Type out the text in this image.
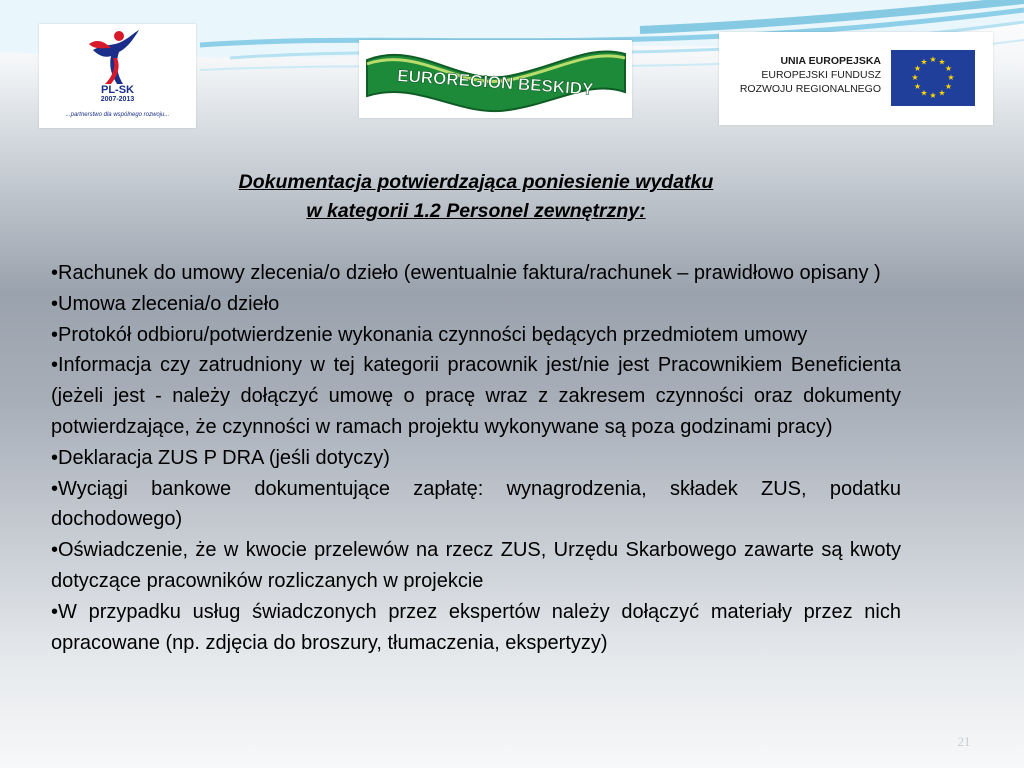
PL-SK
2007-2013
...partnerstwo dla wspólnego rozwoju...
EUROREGION BESKIDY
UNIA EUROPEJSKA
EUROPEJSKI FUNDUSZ
ROZWOJU REGIONALNEGO
★ ★
★
★
★
★
★
★
★
★
★
★
Dokumentacja potwierdzająca poniesienie wydatku
w kategorii 1.2 Personel zewnętrzny:

•Rachunek do umowy zlecenia/o dzieło (ewentualnie faktura/rachunek – prawidłowo opisany )

•Umowa zlecenia/o dzieło

•Protokół odbioru/potwierdzenie wykonania czynności będących przedmiotem umowy

•Informacja czy zatrudniony w tej kategorii pracownik jest/nie jest Pracownikiem Beneficienta (jeżeli jest - należy dołączyć umowę o pracę wraz z zakresem czynności oraz dokumenty potwierdzające, że czynności w ramach projektu wykonywane są poza godzinami pracy)

•Deklaracja ZUS P DRA (jeśli dotyczy)

•Wyciągi bankowe dokumentujące zapłatę: wynagrodzenia, składek ZUS, podatku dochodowego)

•Oświadczenie, że w kwocie przelewów na rzecz ZUS, Urzędu Skarbowego zawarte są kwoty dotyczące pracowników rozliczanych w projekcie

•W przypadku usług świadczonych przez ekspertów należy dołączyć materiały przez nich opracowane (np. zdjęcia do broszury, tłumaczenia, ekspertyzy)

21
